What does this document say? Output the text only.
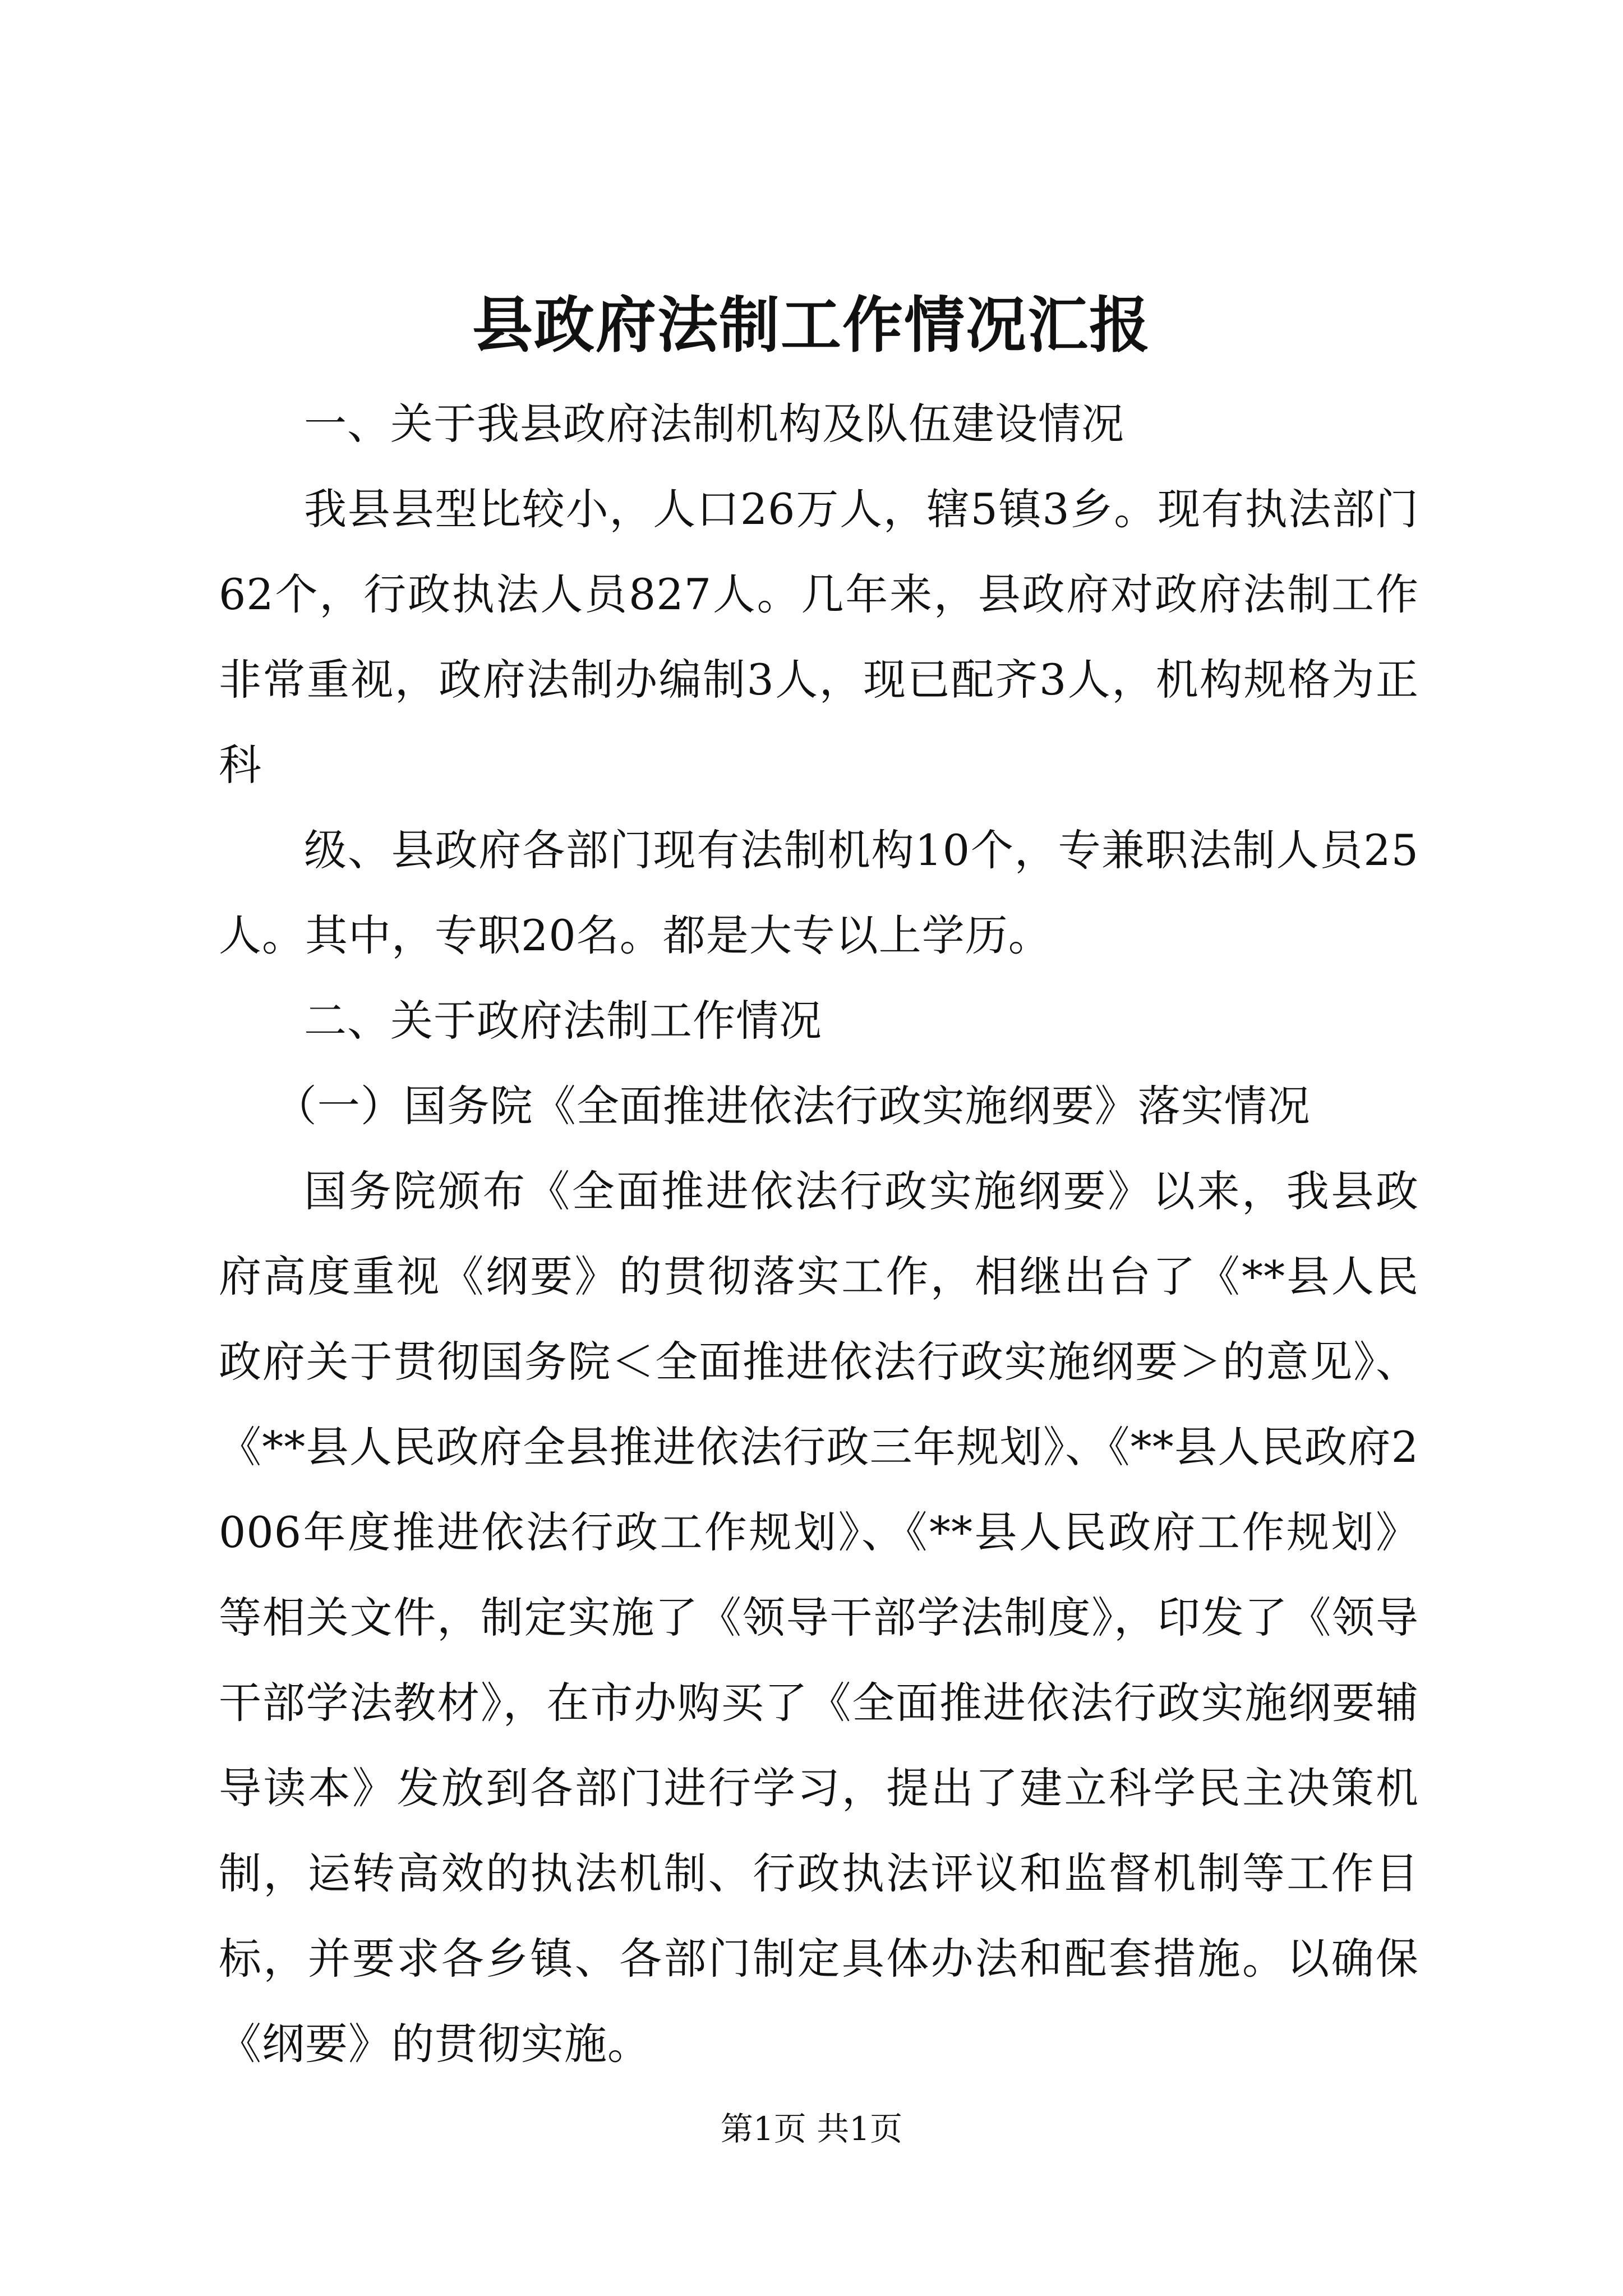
县政府法制工作情况汇报

一、关于我县政府法制机构及队伍建设情况

我县县型比较小，人口26万人，辖5镇3乡。现有执法部门62个，行政执法人员827人。几年来，县政府对政府法制工作非常重视，政府法制办编制3人，现已配齐3人，机构规格为正科

级、县政府各部门现有法制机构10个，专兼职法制人员25人。其中，专职20名。都是大专以上学历。

二、关于政府法制工作情况

（一）国务院《全面推进依法行政实施纲要》落实情况

国务院颁布《全面推进依法行政实施纲要》以来，我县政府高度重视《纲要》的贯彻落实工作，相继出台了《**县人民政府关于贯彻国务院＜全面推进依法行政实施纲要＞的意见》、《**县人民政府全县推进依法行政三年规划》、《**县人民政府2006年度推进依法行政工作规划》、《**县人民政府工作规划》等相关文件，制定实施了《领导干部学法制度》，印发了《领导干部学法教材》，在市办购买了《全面推进依法行政实施纲要辅导读本》发放到各部门进行学习，提出了建立科学民主决策机制，运转高效的执法机制、行政执法评议和监督机制等工作目标，并要求各乡镇、各部门制定具体办法和配套措施。以确保《纲要》的贯彻实施。

第1页 共1页
